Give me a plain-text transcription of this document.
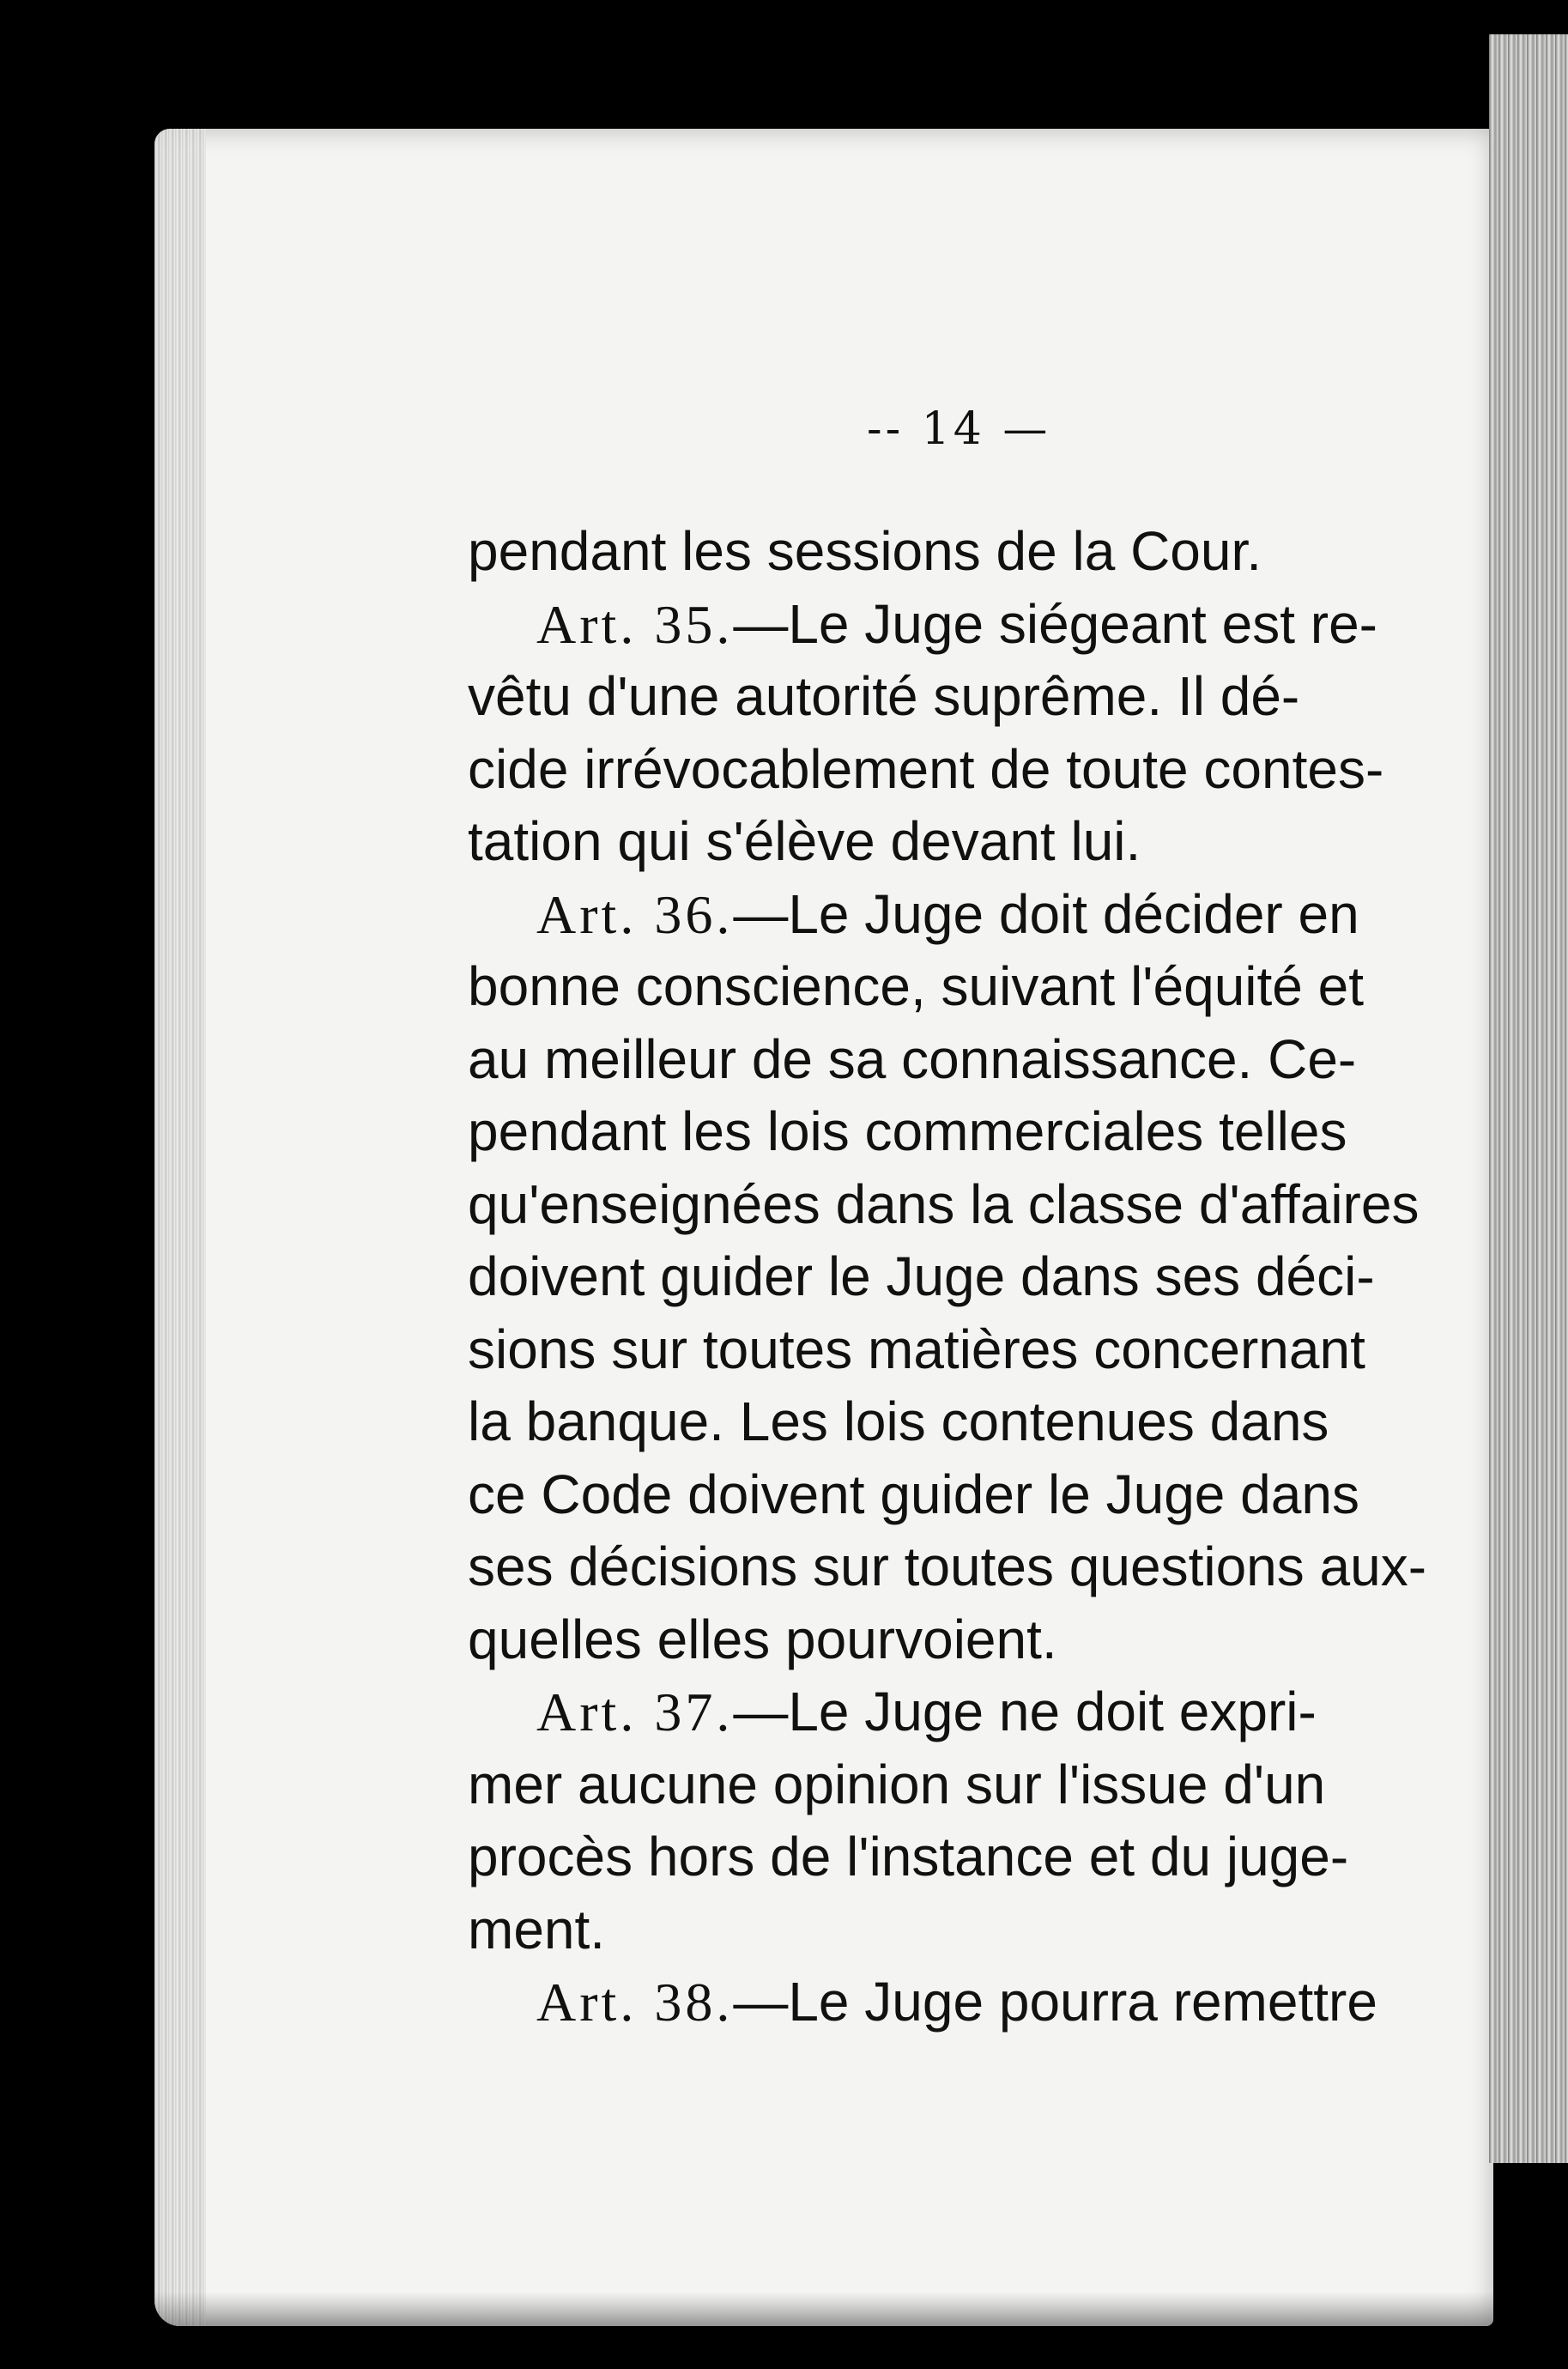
-- 14 —
pendant les sessions de la Cour.
Art. 35.—Le Juge siégeant est re-
vêtu d'une autorité suprême. Il dé-
cide irrévocablement de toute contes-
tation qui s'élève devant lui.
Art. 36.—Le Juge doit décider en
bonne conscience, suivant l'équité et
au meilleur de sa connaissance. Ce-
pendant les lois commerciales telles
qu'enseignées dans la classe d'affaires
doivent guider le Juge dans ses déci-
sions sur toutes matières concernant
la banque. Les lois contenues dans
ce Code doivent guider le Juge dans
ses décisions sur toutes questions aux-
quelles elles pourvoient.
Art. 37.—Le Juge ne doit expri-
mer aucune opinion sur l'issue d'un
procès hors de l'instance et du juge-
ment.
Art. 38.—Le Juge pourra remettre
